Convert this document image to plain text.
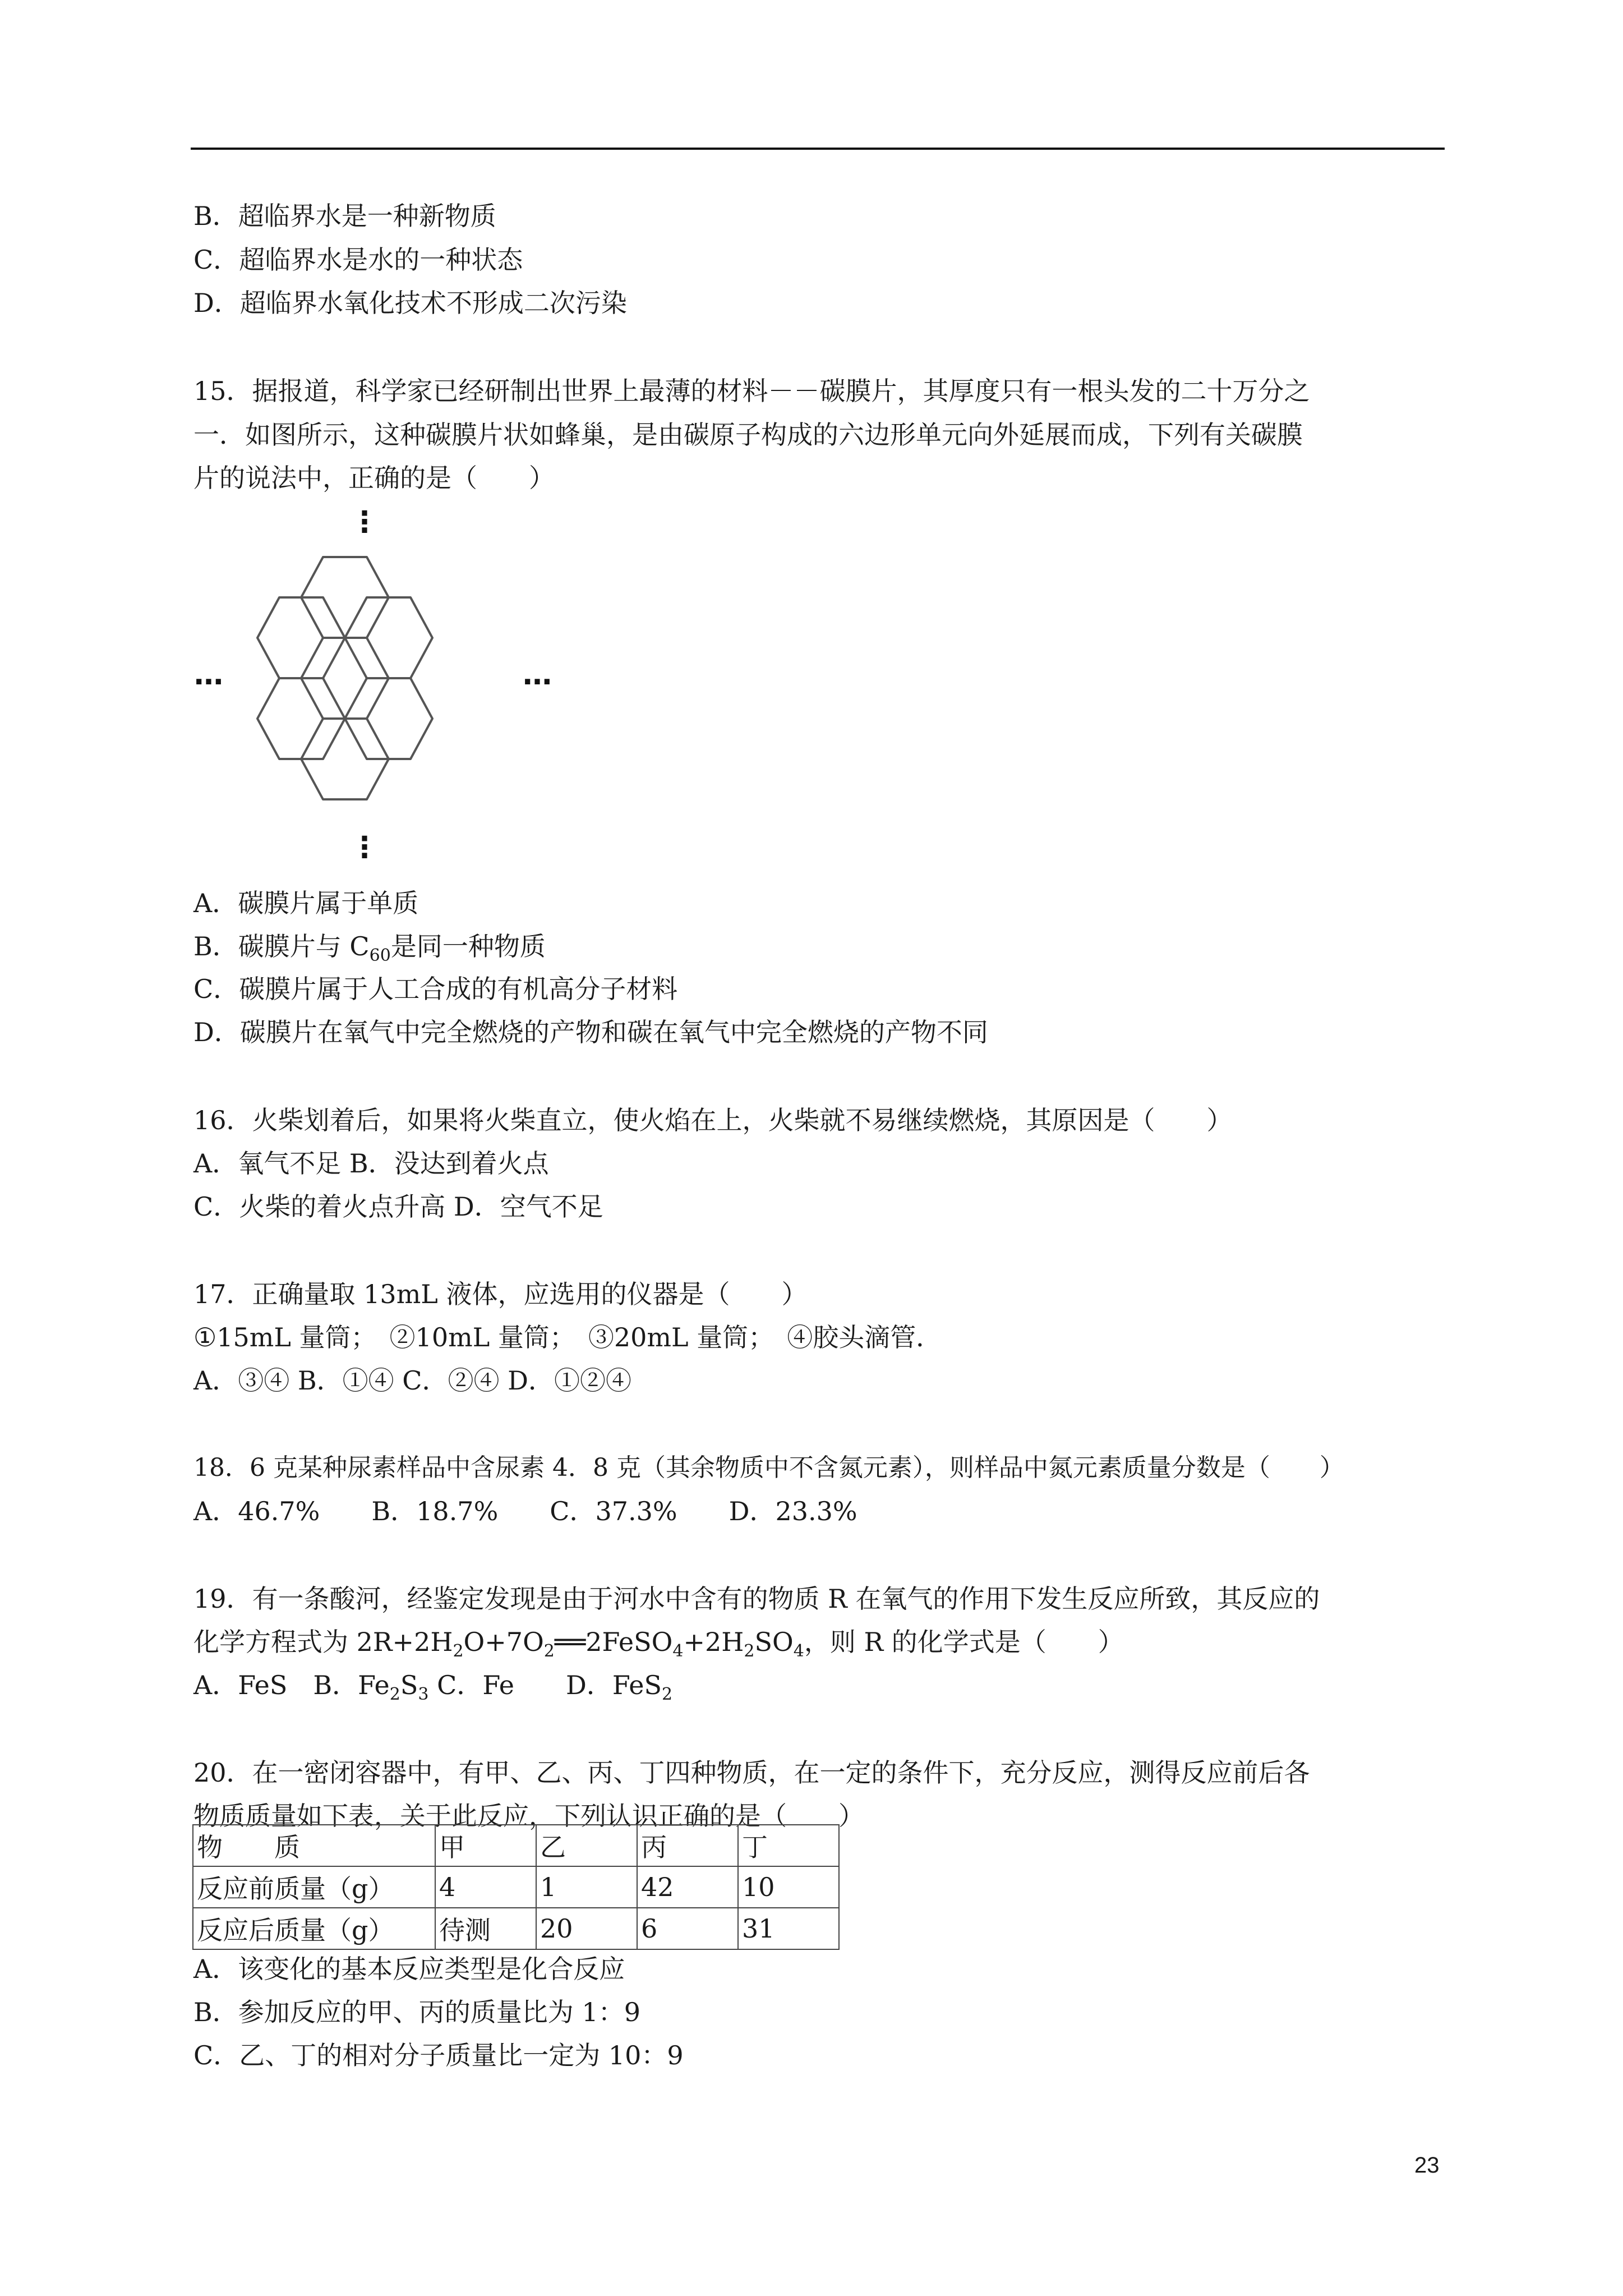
B．超临界水是一种新物质
C．超临界水是水的一种状态
D．超临界水氧化技术不形成二次污染
15．据报道，科学家已经研制出世界上最薄的材料－－碳膜片，其厚度只有一根头发的二十万分之
一．如图所示，这种碳膜片状如蜂巢，是由碳原子构成的六边形单元向外延展而成，下列有关碳膜
片的说法中，正确的是（　　）
⋮
…	…
⋮
A．碳膜片属于单质
B．碳膜片与 $C_{60}$是同一种物质
C．碳膜片属于人工合成的有机高分子材料
D．碳膜片在氧气中完全燃烧的产物和碳在氧气中完全燃烧的产物不同
16．火柴划着后，如果将火柴直立，使火焰在上，火柴就不易继续燃烧，其原因是（　　）
A．氧气不足 B．没达到着火点
C．火柴的着火点升高 D．空气不足
17．正确量取 13mL 液体，应选用的仪器是（　　）
①15mL 量筒；　②10mL 量筒；　③20mL 量筒；　④胶头滴管．
A．③④ B．①④ C．②④ D．①②④
18．6 克某种尿素样品中含尿素 4．8 克（其余物质中不含氮元素），则样品中氮元素质量分数是（　　）
A．46.7%　　B．18.7%　　C．37.3%　　D．23.3%
19．有一条酸河，经鉴定发现是由于河水中含有的物质 R 在氧气的作用下发生反应所致，其反应的
化学方程式为 $2R+2H_2O+7O_2══2FeSO_4+2H_2SO_4$，则 R 的化学式是（　　）
A．FeS　B．$Fe_2S_3$ C．Fe　　D．FeS$_2$
20．在一密闭容器中，有甲、乙、丙、丁四种物质，在一定的条件下，充分反应，测得反应前后各
物质质量如下表，关于此反应，下列认识正确的是（　　）
物　　质	甲	乙	丙	丁
反应前质量（g）	4	1	42	10
反应后质量（g）	待测	20	6	31
A．该变化的基本反应类型是化合反应
B．参加反应的甲、丙的质量比为 1：9
C．乙、丁的相对分子质量比一定为 10：9
23
